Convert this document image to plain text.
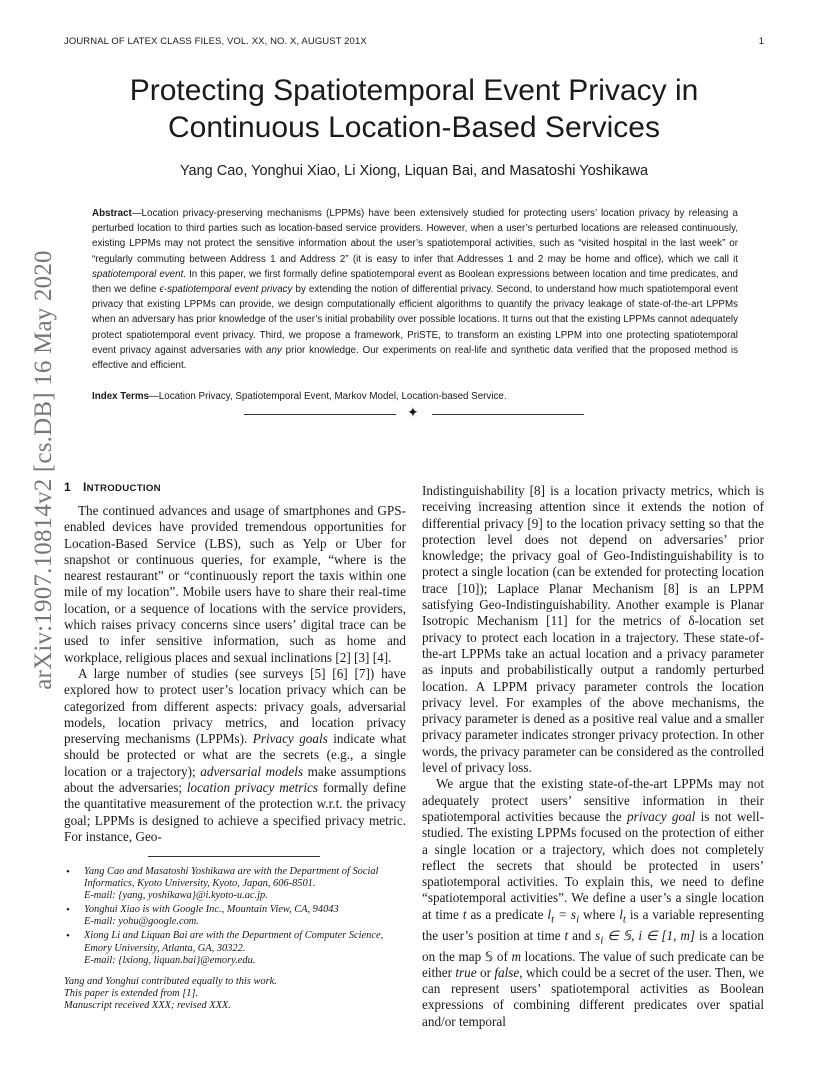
JOURNAL OF LATEX CLASS FILES, VOL. XX, NO. X, AUGUST 201X	1
arXiv:1907.10814v2 [cs.DB] 16 May 2020
Protecting Spatiotemporal Event Privacy in
Continuous Location-Based Services
Yang Cao, Yonghui Xiao, Li Xiong, Liquan Bai, and Masatoshi Yoshikawa
Abstract—Location privacy-preserving mechanisms (LPPMs) have been extensively studied for protecting users’ location privacy by releasing a perturbed location to third parties such as location-based service providers. However, when a user’s perturbed locations are released continuously, existing LPPMs may not protect the sensitive information about the user’s spatiotemporal activities, such as “visited hospital in the last week” or “regularly commuting between Address 1 and Address 2” (it is easy to infer that Addresses 1 and 2 may be home and office), which we call it spatiotemporal event. In this paper, we first formally define spatiotemporal event as Boolean expressions between location and time predicates, and then we define ϵ-spatiotemporal event privacy by extending the notion of differential privacy. Second, to understand how much spatiotemporal event privacy that existing LPPMs can provide, we design computationally efficient algorithms to quantify the privacy leakage of state-of-the-art LPPMs when an adversary has prior knowledge of the user’s initial probability over possible locations. It turns out that the existing LPPMs cannot adequately protect spatiotemporal event privacy. Third, we propose a framework, PriSTE, to transform an existing LPPM into one protecting spatiotemporal event privacy against adversaries with any prior knowledge. Our experiments on real-life and synthetic data verified that the proposed method is effective and efficient.
Index Terms—Location Privacy, Spatiotemporal Event, Markov Model, Location-based Service.
✦
1 INTRODUCTION

The continued advances and usage of smartphones and GPS-enabled devices have provided tremendous opportunities for Location-Based Service (LBS), such as Yelp or Uber for snapshot or continuous queries, for example, “where is the nearest restaurant” or “continuously report the taxis within one mile of my location”. Mobile users have to share their real-time location, or a sequence of locations with the service providers, which raises privacy concerns since users’ digital trace can be used to infer sensitive information, such as home and workplace, religious places and sexual inclinations [2] [3] [4].

A large number of studies (see surveys [5] [6] [7]) have explored how to protect user’s location privacy which can be categorized from different aspects: privacy goals, adversarial models, location privacy metrics, and location privacy preserving mechanisms (LPPMs). Privacy goals indicate what should be protected or what are the secrets (e.g., a single location or a trajectory); adversarial models make assumptions about the adversaries; location privacy metrics formally define the quantitative measurement of the protection w.r.t. the privacy goal; LPPMs is designed to achieve a specified privacy metric. For instance, Geo-

• Yang Cao and Masatoshi Yoshikawa are with the Department of Social Informatics, Kyoto University, Kyoto, Japan, 606-8501.
E-mail: {yang, yoshikawa}@i.kyoto-u.ac.jp.
• Yonghui Xiao is with Google Inc., Mountain View, CA, 94043
E-mail: yohu@google.com.
• Xiong Li and Liquan Bai are with the Department of Computer Science, Emory University, Atlanta, GA, 30322.
E-mail: {lxiong, liquan.bai}@emory.edu.
Yang and Yonghui contributed equally to this work.
This paper is extended from [1].
Manuscript received XXX; revised XXX.

Indistinguishability [8] is a location privacty metrics, which is receiving increasing attention since it extends the notion of differential privacy [9] to the location privacy setting so that the protection level does not depend on adversaries’ prior knowledge; the privacy goal of Geo-Indistinguishability is to protect a single location (can be extended for protecting location trace [10]); Laplace Planar Mechanism [8] is an LPPM satisfying Geo-Indistinguishability. Another example is Planar Isotropic Mechanism [11] for the metrics of δ-location set privacy to protect each location in a trajectory. These state-of-the-art LPPMs take an actual location and a privacy parameter as inputs and probabilistically output a randomly perturbed location. A LPPM privacy parameter controls the location privacy level. For examples of the above mechanisms, the privacy parameter is dened as a positive real value and a smaller privacy parameter indicates stronger privacy protection. In other words, the privacy parameter can be considered as the controlled level of privacy loss.

We argue that the existing state-of-the-art LPPMs may not adequately protect users’ sensitive information in their spatiotemporal activities because the privacy goal is not well-studied. The existing LPPMs focused on the protection of either a single location or a trajectory, which does not completely reflect the secrets that should be protected in users’ spatiotemporal activities. To explain this, we need to define “spatiotemporal activities”. We define a user’s a single location at time t as a predicate $l_t = s_i$ where $l_t$ is a variable representing the user’s position at time t and $s_i$ ∈ 𝕊, i ∈ [1, m] is a location on the map 𝕊 of m locations. The value of such predicate can be either true or false, which could be a secret of the user. Then, we can represent users’ spatiotemporal activities as Boolean expressions of combining different predicates over spatial and/or temporal
